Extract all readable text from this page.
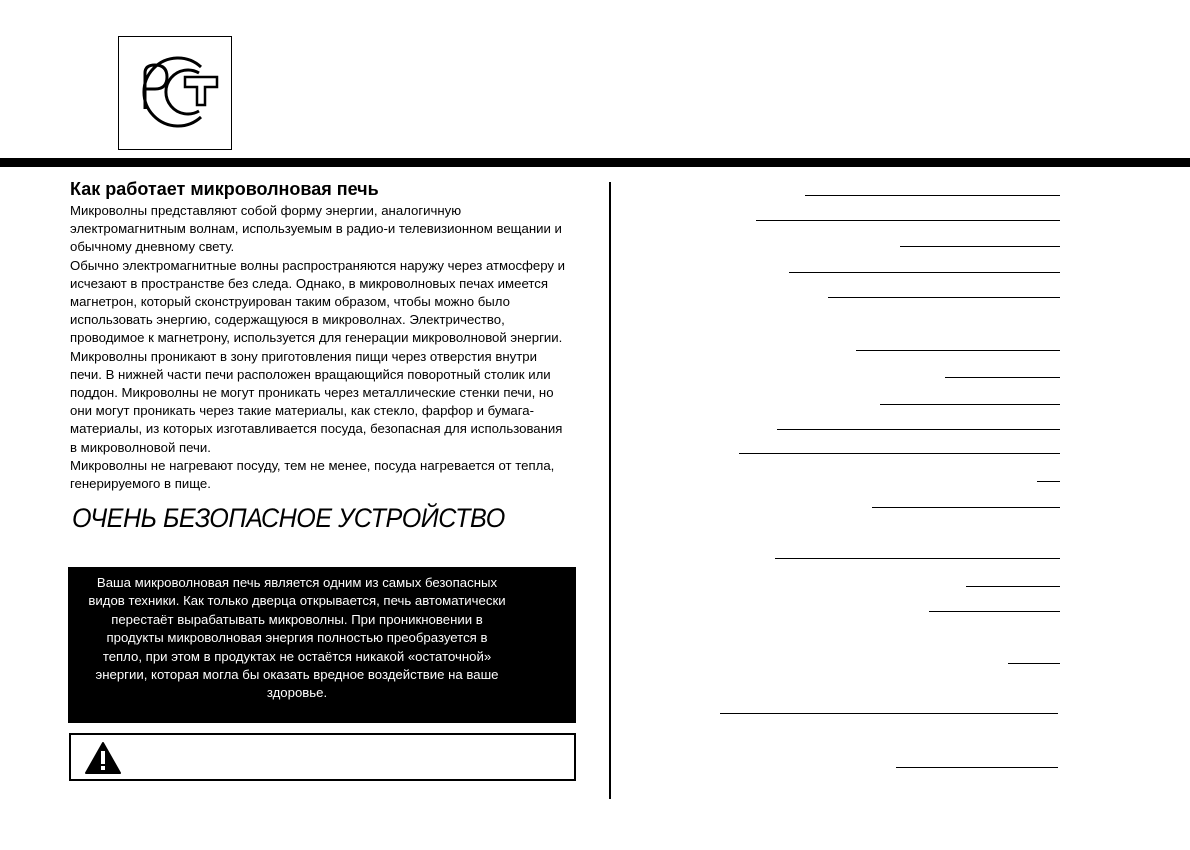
Как работает микроволновая печь

Микроволны представляют собой форму энергии, аналогичную электромагнитным волнам, используемым в радио-и телевизионном вещании и обычному дневному свету.

Обычно электромагнитные волны распространяются наружу через атмосферу и исчезают в пространстве без следа. Однако, в микроволновых печах имеется магнетрон, который сконструирован таким образом, чтобы можно было использовать энергию, содержащуюся в микроволнах. Электричество, проводимое к магнетрону, используется для генерации микроволновой энергии.

Микроволны проникают в зону приготовления пищи через отверстия внутри печи. В нижней части печи расположен вращающийся поворотный столик или поддон. Микроволны не могут проникать через металлические стенки печи, но они могут проникать через такие материалы, как стекло, фарфор и бумага- материалы, из которых изготавливается посуда, безопасная для использования в микроволновой печи.

Микроволны не нагревают посуду, тем не менее, посуда нагревается от тепла, генерируемого в пище.

ОЧЕНЬ БЕЗОПАСНОЕ УСТРОЙСТВО
Ваша микроволновая печь является одним из самых безопасных видов техники. Как только дверца открывается, печь автоматически перестаёт вырабатывать микроволны. При проникновении в продукты микроволновая энергия полностью преобразуется в тепло, при этом в продуктах не остаётся никакой «остаточной» энергии, которая могла бы оказать вредное воздействие на ваше здоровье.
